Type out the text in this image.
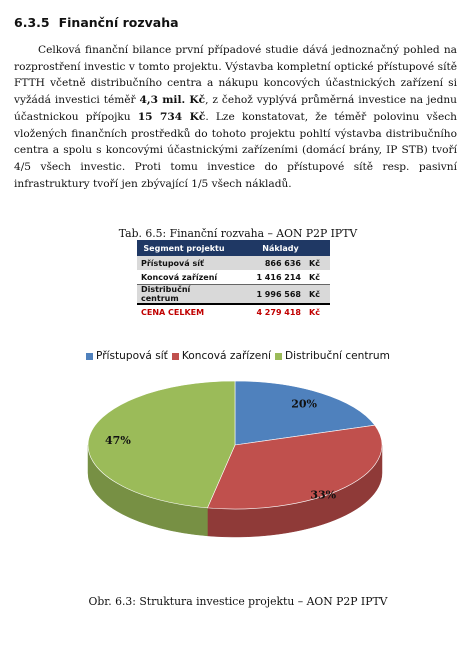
6.3.5 Finanční rozvaha

Celková finanční bilance první případové studie dává jednoznačný pohled na rozprostření investic v tomto projektu. Výstavba kompletní optické přístupové sítě FTTH včetně distribučního centra a nákupu koncových účastnických zařízení si vyžádá investici téměř 4,3 mil. Kč, z čehož vyplývá průměrná investice na jednu účastnickou přípojku 15 734 Kč. Lze konstatovat, že téměř polovinu všech vložených finančních prostředků do tohoto projektu pohltí výstavba distribučního centra a spolu s koncovými účastnickými zařízeními (domácí brány, IP STB) tvoří 4/5 všech investic. Proti tomu investice do přístupové sítě resp. pasivní infrastruktury tvoří jen zbývající 1/5 všech nákladů.

Tab. 6.5: Finanční rozvaha – AON P2P IPTV
Segment projektu	Náklady	
Přístupová síť	866 636	Kč
Koncová zařízení	1 416 214	Kč
Distribuční centrum	1 996 568	Kč
CENA CELKEM	4 279 418	Kč
Přístupová síť Koncová zařízení Distribuční centrum
20%
33%
47%
Obr. 6.3: Struktura investice projektu – AON P2P IPTV
